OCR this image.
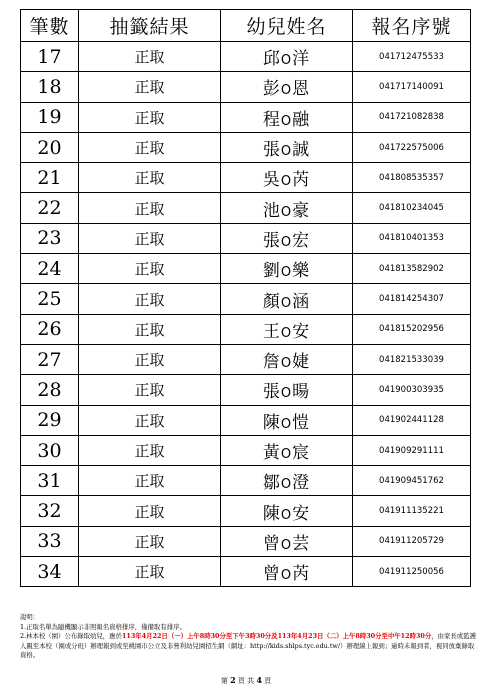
筆數	抽籤結果	幼兒姓名	報名序號
17	正取	邱O洋	041712475533
18	正取	彭O恩	041717140091
19	正取	程O融	041721082838
20	正取	張O誠	041722575006
21	正取	吳O芮	041808535357
22	正取	池O豪	041810234045
23	正取	張O宏	041810401353
24	正取	劉O樂	041813582902
25	正取	顏O涵	041814254307
26	正取	王O安	041815202956
27	正取	詹O婕	041821533039
28	正取	張O暘	041900303935
29	正取	陳O愷	041902441128
30	正取	黃O宸	041909291111
31	正取	鄒O澄	041909451762
32	正取	陳O安	041911135221
33	正取	曾O芸	041911205729
34	正取	曾O芮	041911250056

說明：

1.正取名單為隨機顯示非照報名資格排序，僅備取有排序。

2.林本校（園）公布錄取幼兒，應於113年4月22日（一）上午8時30分至下午3時30分及113年4月23日（二）上午8時30分至中午12時30分，由家長或監護人親至本校（園或分班）辦理報到或至桃園市公立及非營利幼兒園招生網（網址：http://kids.shlps.tyc.edu.tw/）辦理線上報到；逾時未報到者，視同放棄錄取資格。

第 2 頁 共 4 頁
